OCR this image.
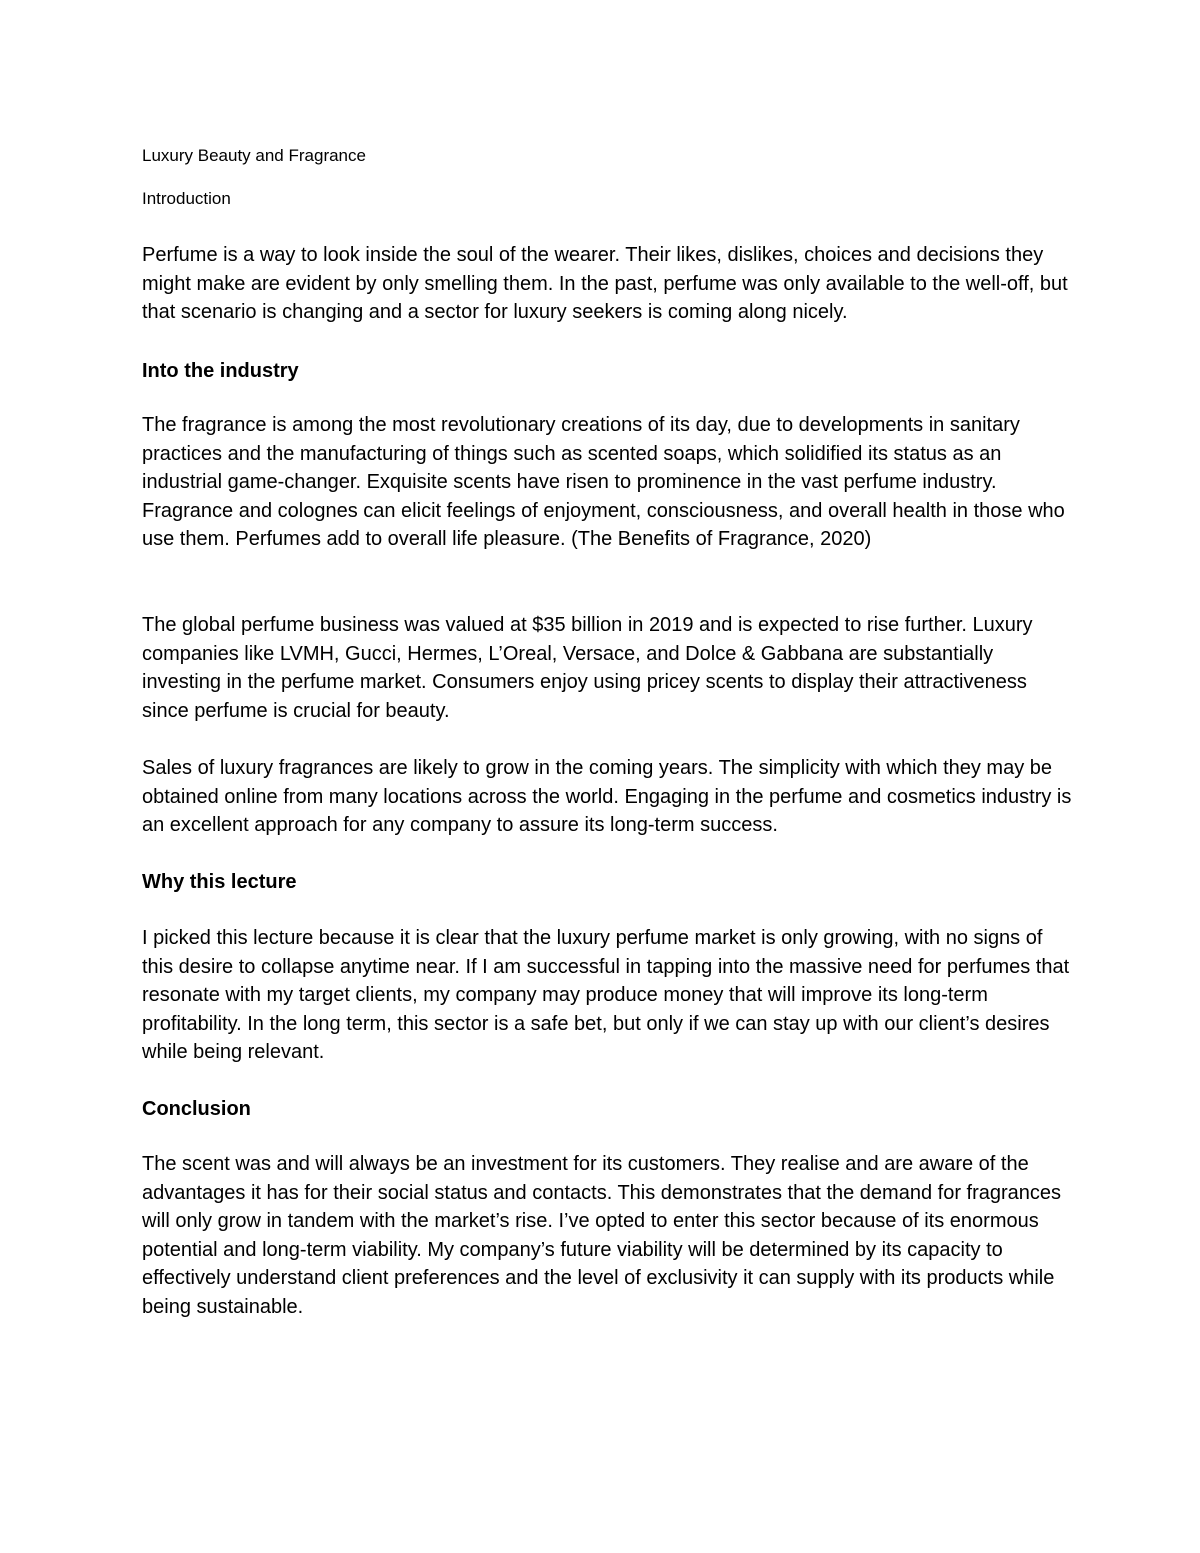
Luxury Beauty and Fragrance
Introduction

Perfume is a way to look inside the soul of the wearer. Their likes, dislikes, choices and decisions they might make are evident by only smelling them. In the past, perfume was only available to the well-off, but that scenario is changing and a sector for luxury seekers is coming along nicely.

Into the industry

The fragrance is among the most revolutionary creations of its day, due to developments in sanitary practices and the manufacturing of things such as scented soaps, which solidified its status as an industrial game-changer. Exquisite scents have risen to prominence in the vast perfume industry. Fragrance and colognes can elicit feelings of enjoyment, consciousness, and overall health in those who use them. Perfumes add to overall life pleasure. (The Benefits of Fragrance, 2020)

The global perfume business was valued at $35 billion in 2019 and is expected to rise further. Luxury companies like LVMH, Gucci, Hermes, L’Oreal, Versace, and Dolce & Gabbana are substantially investing in the perfume market. Consumers enjoy using pricey scents to display their attractiveness since perfume is crucial for beauty.

Sales of luxury fragrances are likely to grow in the coming years. The simplicity with which they may be obtained online from many locations across the world. Engaging in the perfume and cosmetics industry is an excellent approach for any company to assure its long-term success.

Why this lecture

I picked this lecture because it is clear that the luxury perfume market is only growing, with no signs of this desire to collapse anytime near. If I am successful in tapping into the massive need for perfumes that resonate with my target clients, my company may produce money that will improve its long-term profitability. In the long term, this sector is a safe bet, but only if we can stay up with our client’s desires while being relevant.

Conclusion

The scent was and will always be an investment for its customers. They realise and are aware of the advantages it has for their social status and contacts. This demonstrates that the demand for fragrances will only grow in tandem with the market’s rise. I’ve opted to enter this sector because of its enormous potential and long-term viability. My company’s future viability will be determined by its capacity to effectively understand client preferences and the level of exclusivity it can supply with its products while being sustainable.
